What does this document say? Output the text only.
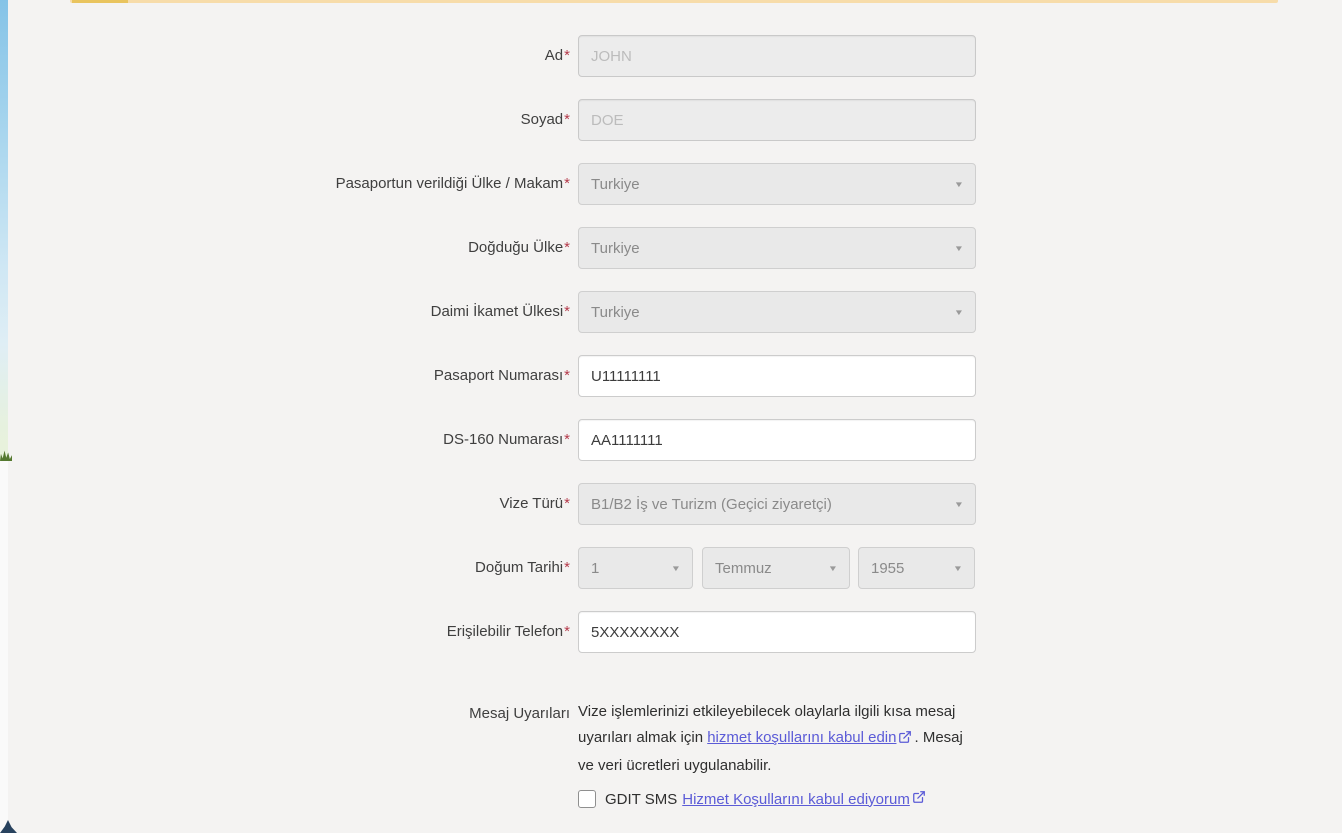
Ad*
JOHN
Soyad*
DOE
Pasaportun verildiği Ülke / Makam* Turkiye	▼
Doğduğu Ülke* Turkiye	▼
Daimi İkamet Ülkesi* Turkiye	▼
Pasaport Numarası*
U11111111
DS-160 Numarası*
AA1111111
Vize Türü* B1/B2 İş ve Turizm (Geçici ziyaretçi)	▼
Doğum Tarihi* 1	▼ Temmuz	▼ 1955	▼
Erişilebilir Telefon*
5XXXXXXXX
Mesaj Uyarıları Vize işlemlerinizi etkileyebilecek olaylarla ilgili kısa mesaj uyarıları almak için hizmet koşullarını kabul edin . Mesaj ve veri ücretleri uygulanabilir.

GDIT SMS Hizmet Koşullarını kabul ediyorum
